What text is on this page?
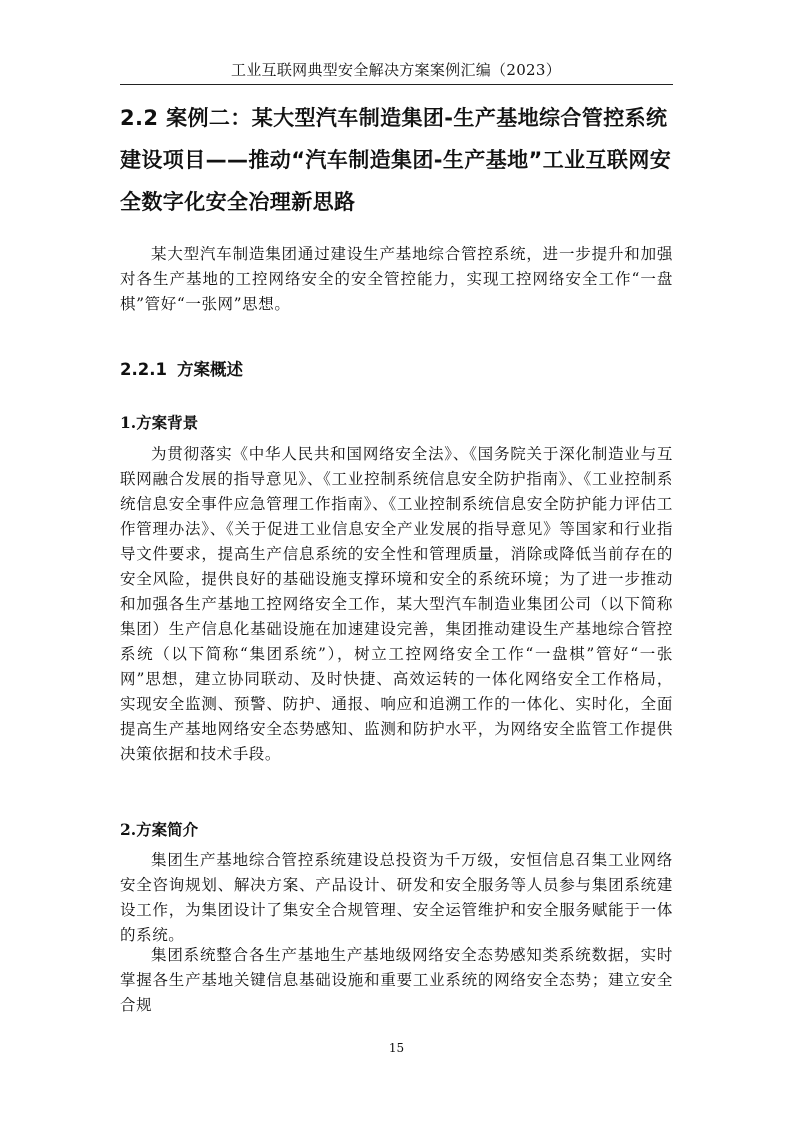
工业互联网典型安全解决方案案例汇编（2023）
2.2 案例二：某大型汽车制造集团-生产基地综合管控系统建设项目——推动“汽车制造集团-生产基地”工业互联网安全数字化安全冶理新思路

某大型汽车制造集团通过建设生产基地综合管控系统，进一步提升和加强对各生产基地的工控网络安全的安全管控能力，实现工控网络安全工作“一盘棋”管好“一张网”思想。

2.2.1 方案概述
1.方案背景

为贯彻落实《中华人民共和国网络安全法》、《国务院关于深化制造业与互联网融合发展的指导意见》、《工业控制系统信息安全防护指南》、《工业控制系统信息安全事件应急管理工作指南》、《工业控制系统信息安全防护能力评估工作管理办法》、《关于促进工业信息安全产业发展的指导意见》等国家和行业指导文件要求，提高生产信息系统的安全性和管理质量，消除或降低当前存在的安全风险，提供良好的基础设施支撑环境和安全的系统环境；为了进一步推动和加强各生产基地工控网络安全工作，某大型汽车制造业集团公司（以下简称集团）生产信息化基础设施在加速建设完善，集团推动建设生产基地综合管控系统（以下简称“集团系统”），树立工控网络安全工作“一盘棋”管好“一张网”思想，建立协同联动、及时快捷、高效运转的一体化网络安全工作格局，实现安全监测、预警、防护、通报、响应和追溯工作的一体化、实时化，全面提高生产基地网络安全态势感知、监测和防护水平，为网络安全监管工作提供决策依据和技术手段。

2.方案简介

集团生产基地综合管控系统建设总投资为千万级，安恒信息召集工业网络安全咨询规划、解决方案、产品设计、研发和安全服务等人员参与集团系统建设工作，为集团设计了集安全合规管理、安全运管维护和安全服务赋能于一体的系统。

集团系统整合各生产基地生产基地级网络安全态势感知类系统数据，实时掌握各生产基地关键信息基础设施和重要工业系统的网络安全态势；建立安全合规

15
